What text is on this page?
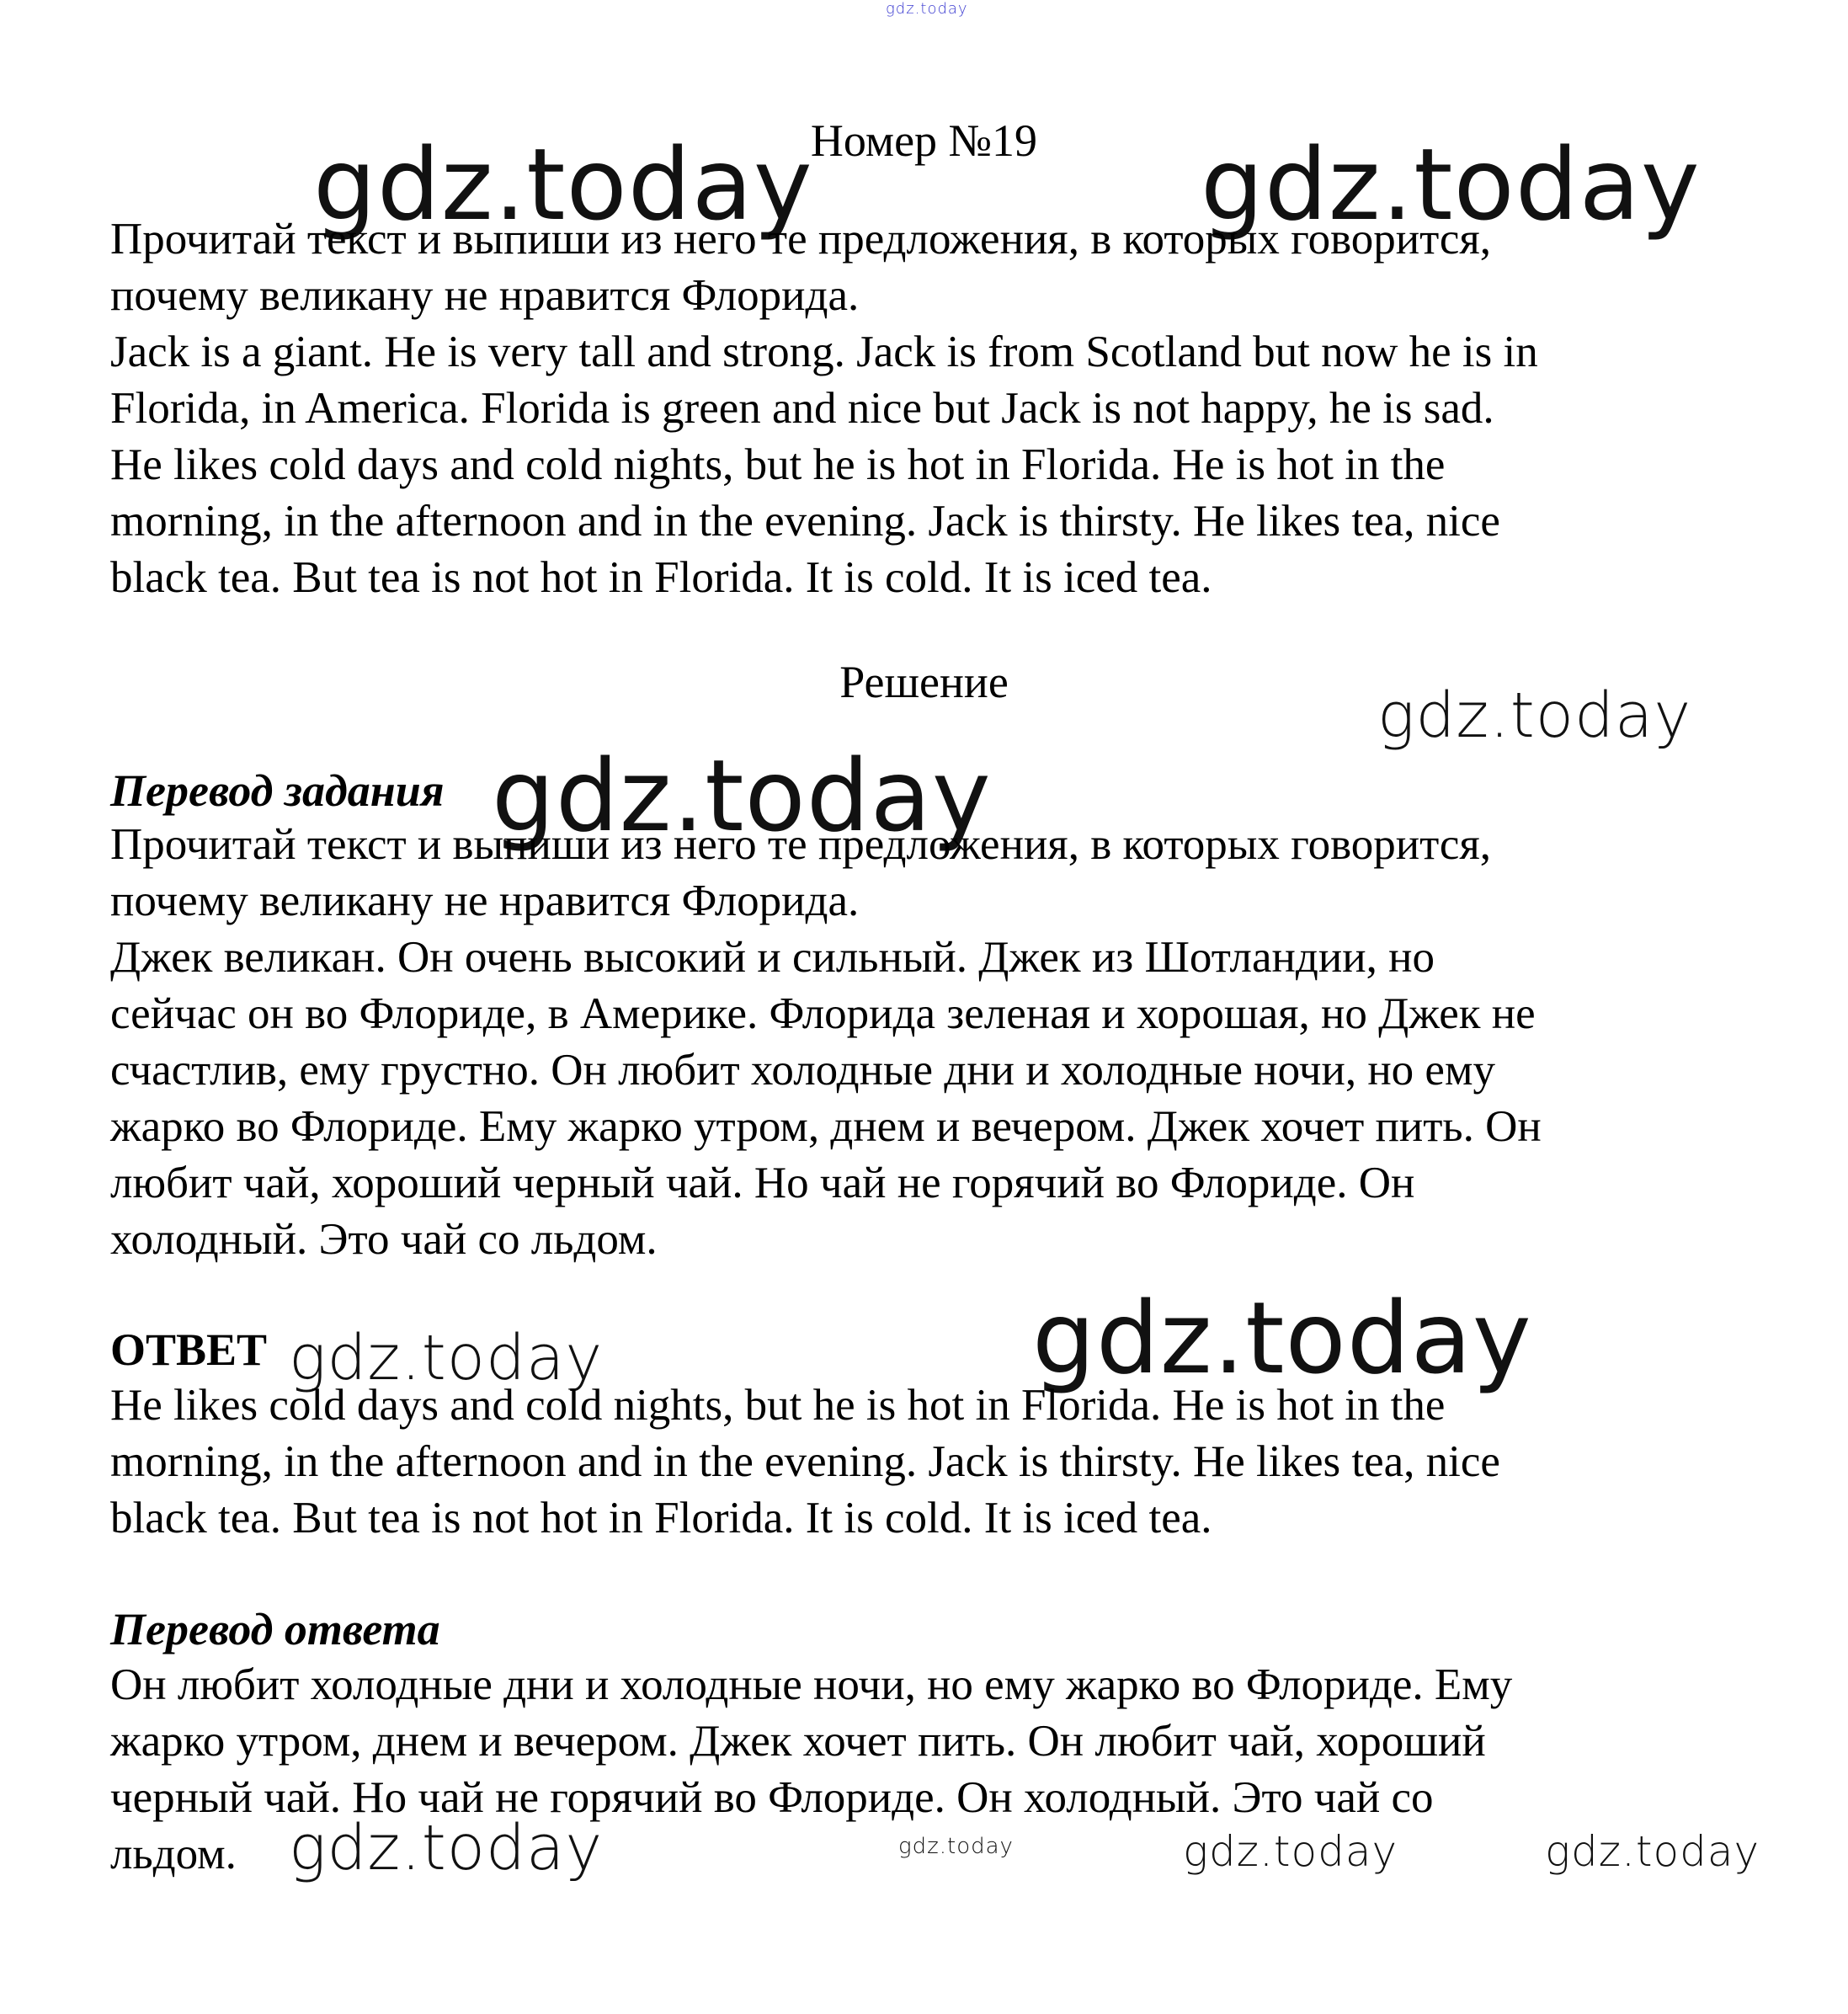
gdz.today
Номер №19
gdz.today	gdz.today
Прочитай текст и выпиши из него те предложения, в которых говорится,
почему великану не нравится Флорида.
Jack is a giant. He is very tall and strong. Jack is from Scotland but now he is in
Florida, in America. Florida is green and nice but Jack is not happy, he is sad.
He likes cold days and cold nights, but he is hot in Florida. He is hot in the
morning, in the afternoon and in the evening. Jack is thirsty. He likes tea, nice
black tea. But tea is not hot in Florida. It is cold. It is iced tea.
Решение	gdz.today
Перевод задания gdz.today
Прочитай текст и выпиши из него те предложения, в которых говорится,
почему великану не нравится Флорида.
Джек великан. Он очень высокий и сильный. Джек из Шотландии, но
сейчас он во Флориде, в Америке. Флорида зеленая и хорошая, но Джек не
счастлив, ему грустно. Он любит холодные дни и холодные ночи, но ему
жарко во Флориде. Ему жарко утром, днем и вечером. Джек хочет пить. Он
любит чай, хороший черный чай. Но чай не горячий во Флориде. Он
холодный. Это чай со льдом.
ОТВЕТ gdz.today	gdz.today
He likes cold days and cold nights, but he is hot in Florida. He is hot in the
morning, in the afternoon and in the evening. Jack is thirsty. He likes tea, nice
black tea. But tea is not hot in Florida. It is cold. It is iced tea.
Перевод ответа
Он любит холодные дни и холодные ночи, но ему жарко во Флориде. Ему
жарко утром, днем и вечером. Джек хочет пить. Он любит чай, хороший
черный чай. Но чай не горячий во Флориде. Он холодный. Это чай со
льдом. gdz.today	gdz.today	gdz.today	gdz.today
